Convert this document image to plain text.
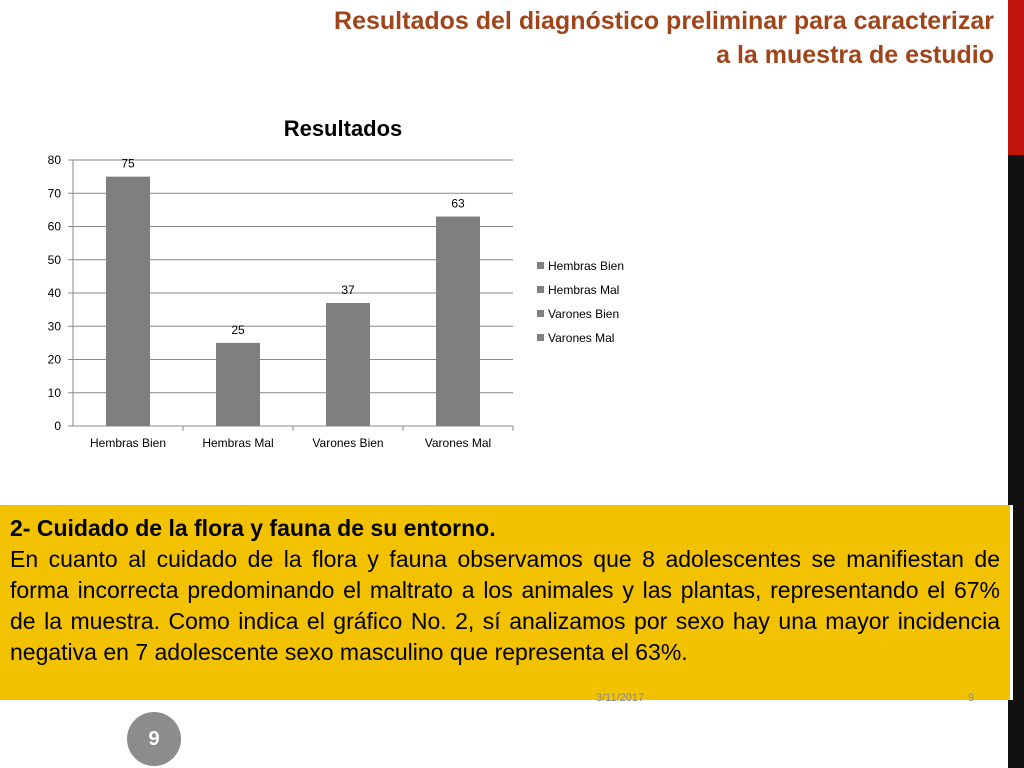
Resultados del diagnóstico preliminar para caracterizar
a la muestra de estudio
Resultados
0
10
20
30
40
50
60
70
80	75
Hembras Bien
25
Hembras Mal
37
Varones Bien
63
Varones Mal
Hembras Bien
Hembras Mal
Varones Bien
Varones Mal
2- Cuidado de la flora y fauna de su entorno.
En cuanto al cuidado de la flora y fauna observamos que 8 adolescentes se manifiestan de forma incorrecta predominando el maltrato a los animales y las plantas, representando el 67% de la muestra. Como indica el gráfico No. 2, sí analizamos por sexo hay una mayor incidencia negativa en 7 adolescente sexo masculino que representa el 63%.
3/11/2017	9
9
